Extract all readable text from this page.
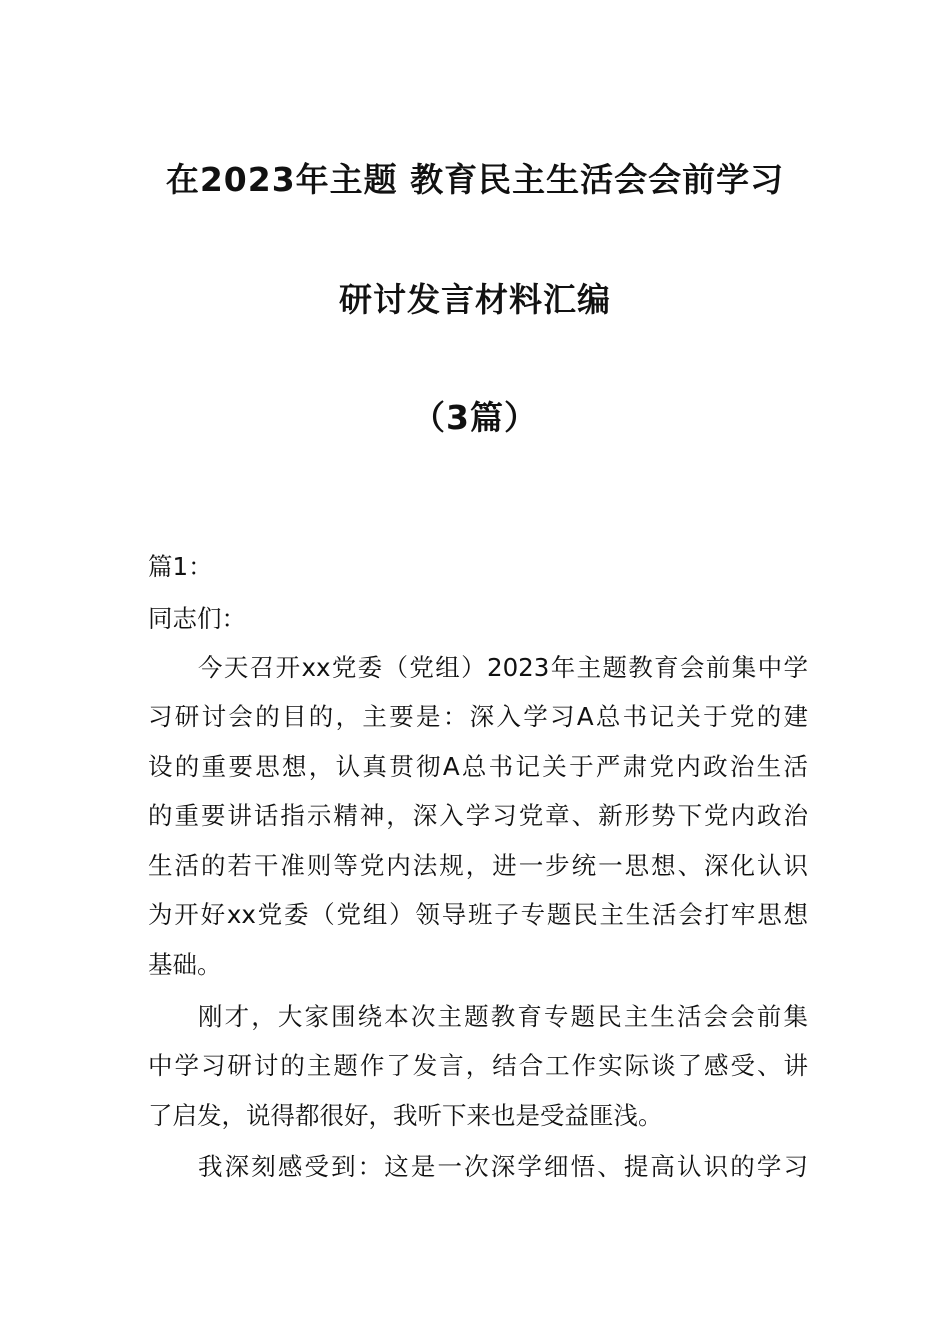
在2023年主题 教育民主生活会会前学习
研讨发言材料汇编
（3篇）
篇1：
同志们：
今天召开xx党委（党组）2023年主题教育会前集中学
习研讨会的目的，主要是：深入学习A总书记关于党的建
设的重要思想，认真贯彻A总书记关于严肃党内政治生活
的重要讲话指示精神，深入学习党章、新形势下党内政治
生活的若干准则等党内法规，进一步统一思想、深化认识
为开好xx党委（党组）领导班子专题民主生活会打牢思想
基础。
刚才，大家围绕本次主题教育专题民主生活会会前集
中学习研讨的主题作了发言，结合工作实际谈了感受、讲
了启发，说得都很好，我听下来也是受益匪浅。
我深刻感受到：这是一次深学细悟、提高认识的学习
